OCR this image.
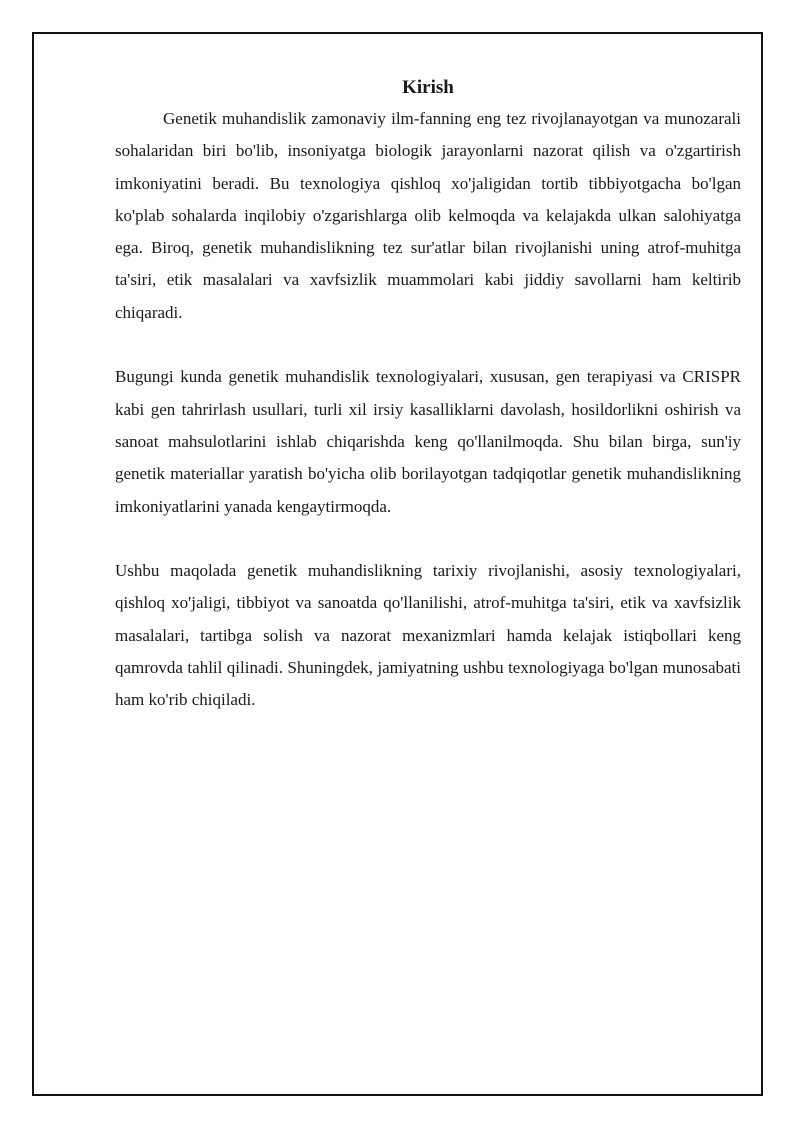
Kirish

Genetik muhandislik zamonaviy ilm-fanning eng tez rivojlanayotgan va munozarali sohalaridan biri bo'lib, insoniyatga biologik jarayonlarni nazorat qilish va o'zgartirish imkoniyatini beradi. Bu texnologiya qishloq xo'jaligidan tortib tibbiyotgacha bo'lgan ko'plab sohalarda inqilobiy o'zgarishlarga olib kelmoqda va kelajakda ulkan salohiyatga ega. Biroq, genetik muhandislikning tez sur'atlar bilan rivojlanishi uning atrof-muhitga ta'siri, etik masalalari va xavfsizlik muammolari kabi jiddiy savollarni ham keltirib chiqaradi.

Bugungi kunda genetik muhandislik texnologiyalari, xususan, gen terapiyasi va CRISPR kabi gen tahrirlash usullari, turli xil irsiy kasalliklarni davolash, hosildorlikni oshirish va sanoat mahsulotlarini ishlab chiqarishda keng qo'llanilmoqda. Shu bilan birga, sun'iy genetik materiallar yaratish bo'yicha olib borilayotgan tadqiqotlar genetik muhandislikning imkoniyatlarini yanada kengaytirmoqda.

Ushbu maqolada genetik muhandislikning tarixiy rivojlanishi, asosiy texnologiyalari, qishloq xo'jaligi, tibbiyot va sanoatda qo'llanilishi, atrof-muhitga ta'siri, etik va xavfsizlik masalalari, tartibga solish va nazorat mexanizmlari hamda kelajak istiqbollari keng qamrovda tahlil qilinadi. Shuningdek, jamiyatning ushbu texnologiyaga bo'lgan munosabati ham ko'rib chiqiladi.
